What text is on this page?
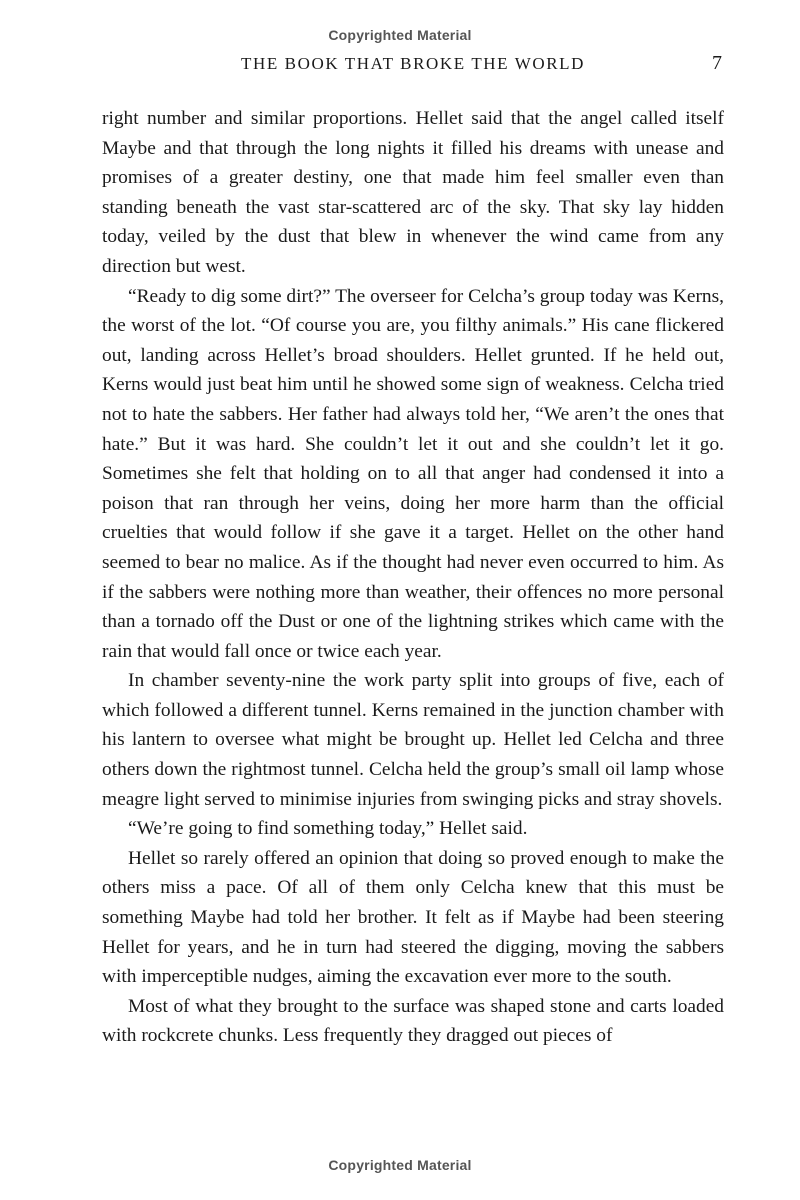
Copyrighted Material
THE BOOK THAT BROKE THE WORLD	7

right number and similar proportions. Hellet said that the angel called itself Maybe and that through the long nights it filled his dreams with unease and promises of a greater destiny, one that made him feel smaller even than standing beneath the vast star-scattered arc of the sky. That sky lay hidden today, veiled by the dust that blew in whenever the wind came from any direction but west.

“Ready to dig some dirt?” The overseer for Celcha’s group today was Kerns, the worst of the lot. “Of course you are, you filthy animals.” His cane flickered out, landing across Hellet’s broad shoulders. Hellet grunted. If he held out, Kerns would just beat him until he showed some sign of weakness. Celcha tried not to hate the sabbers. Her father had always told her, “We aren’t the ones that hate.” But it was hard. She couldn’t let it out and she couldn’t let it go. Sometimes she felt that holding on to all that anger had condensed it into a poison that ran through her veins, doing her more harm than the official cruelties that would follow if she gave it a target. Hellet on the other hand seemed to bear no malice. As if the thought had never even occurred to him. As if the sabbers were nothing more than weather, their offences no more personal than a tornado off the Dust or one of the lightning strikes which came with the rain that would fall once or twice each year.

In chamber seventy-nine the work party split into groups of five, each of which followed a different tunnel. Kerns remained in the junction chamber with his lantern to oversee what might be brought up. Hellet led Celcha and three others down the rightmost tunnel. Celcha held the group’s small oil lamp whose meagre light served to minimise injuries from swinging picks and stray shovels.

“We’re going to find something today,” Hellet said.

Hellet so rarely offered an opinion that doing so proved enough to make the others miss a pace. Of all of them only Celcha knew that this must be something Maybe had told her brother. It felt as if Maybe had been steering Hellet for years, and he in turn had steered the digging, moving the sabbers with imperceptible nudges, aiming the excavation ever more to the south.

Most of what they brought to the surface was shaped stone and carts loaded with rockcrete chunks. Less frequently they dragged out pieces of

Copyrighted Material
